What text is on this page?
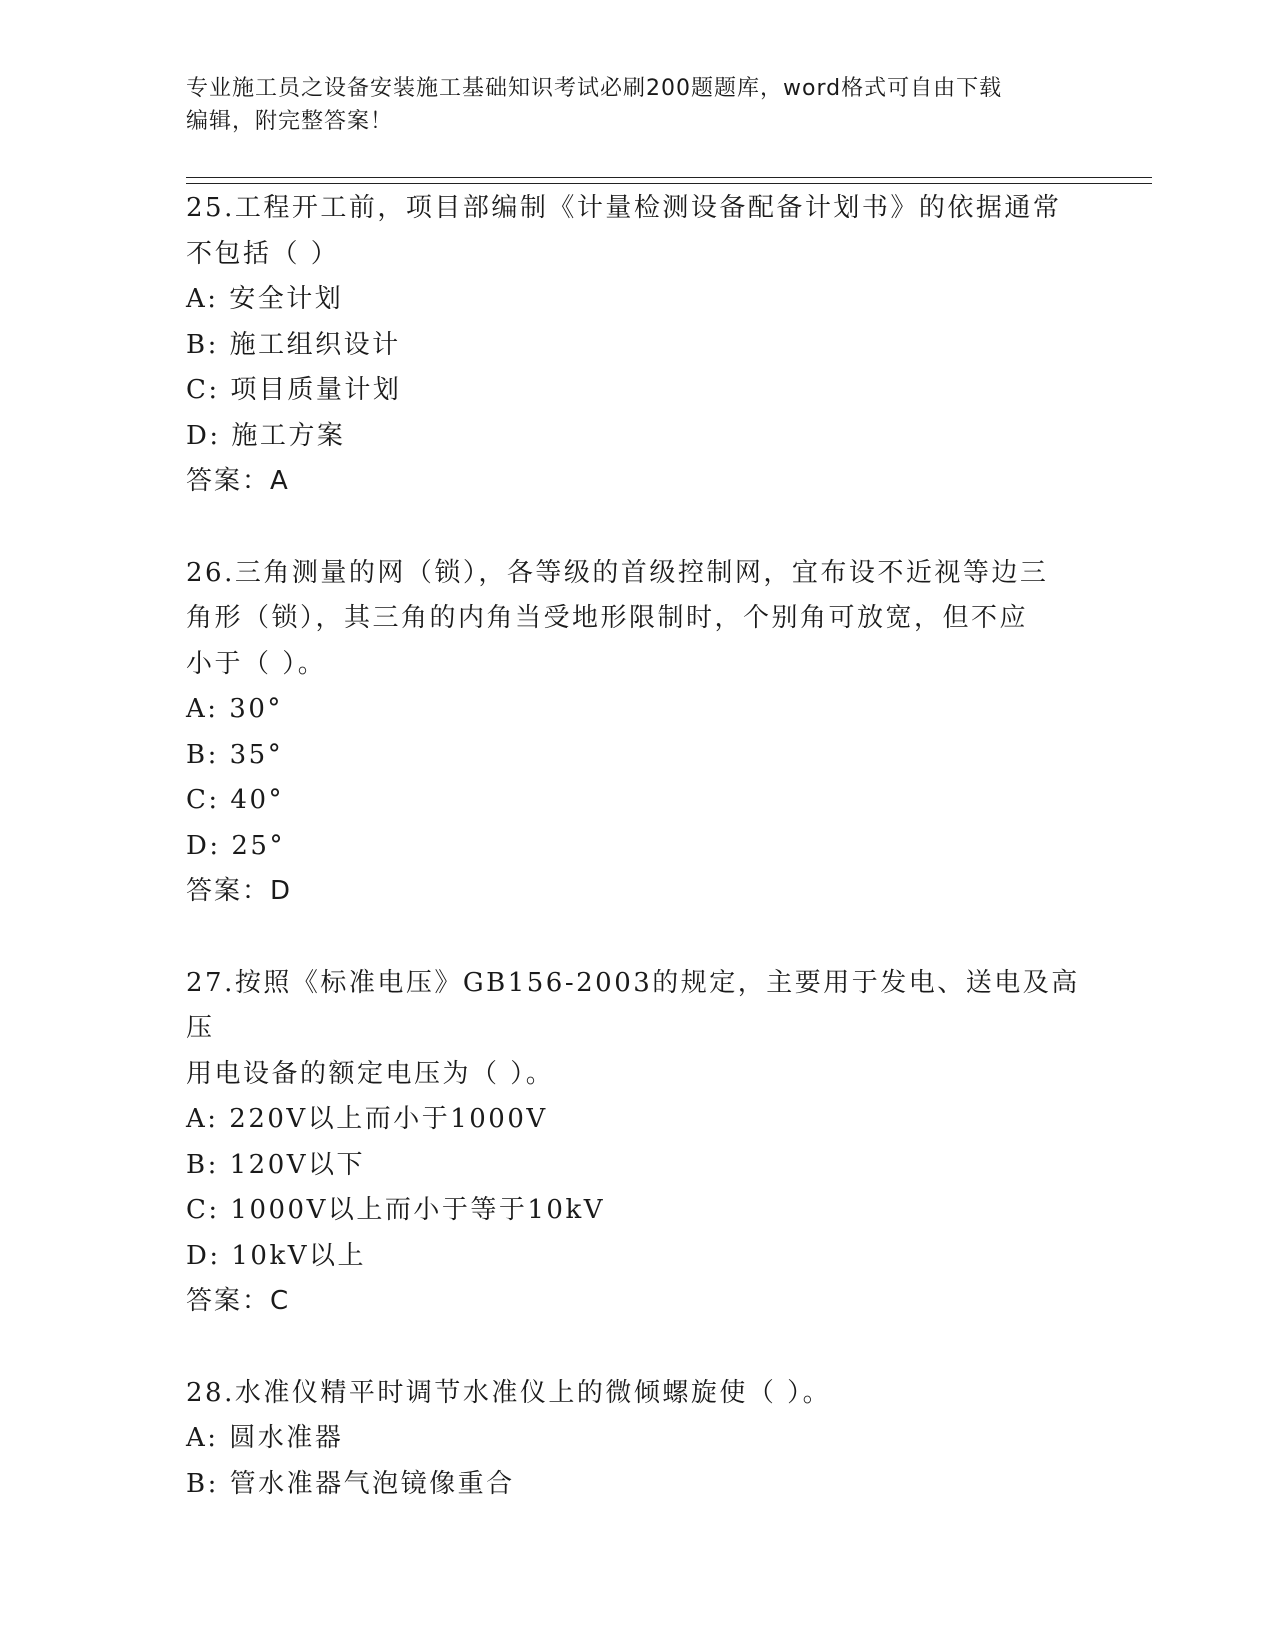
专业施工员之设备安装施工基础知识考试必刷200题题库，word格式可自由下载
编辑，附完整答案！
25.工程开工前，项目部编制《计量检测设备配备计划书》的依据通常
不包括（ ）
A: 安全计划
B: 施工组织设计
C: 项目质量计划
D: 施工方案
答案：A
26.三角测量的网（锁），各等级的首级控制网，宜布设不近视等边三
角形（锁），其三角的内角当受地形限制时，个别角可放宽，但不应
小于（ ）。
A: 30°
B: 35°
C: 40°
D: 25°
答案：D
27.按照《标准电压》GB156-2003的规定，主要用于发电、送电及高压
用电设备的额定电压为（ ）。
A: 220V以上而小于1000V
B: 120V以下
C: 1000V以上而小于等于10kV
D: 10kV以上
答案：C
28.水准仪精平时调节水准仪上的微倾螺旋使（ ）。
A: 圆水准器
B: 管水准器气泡镜像重合
